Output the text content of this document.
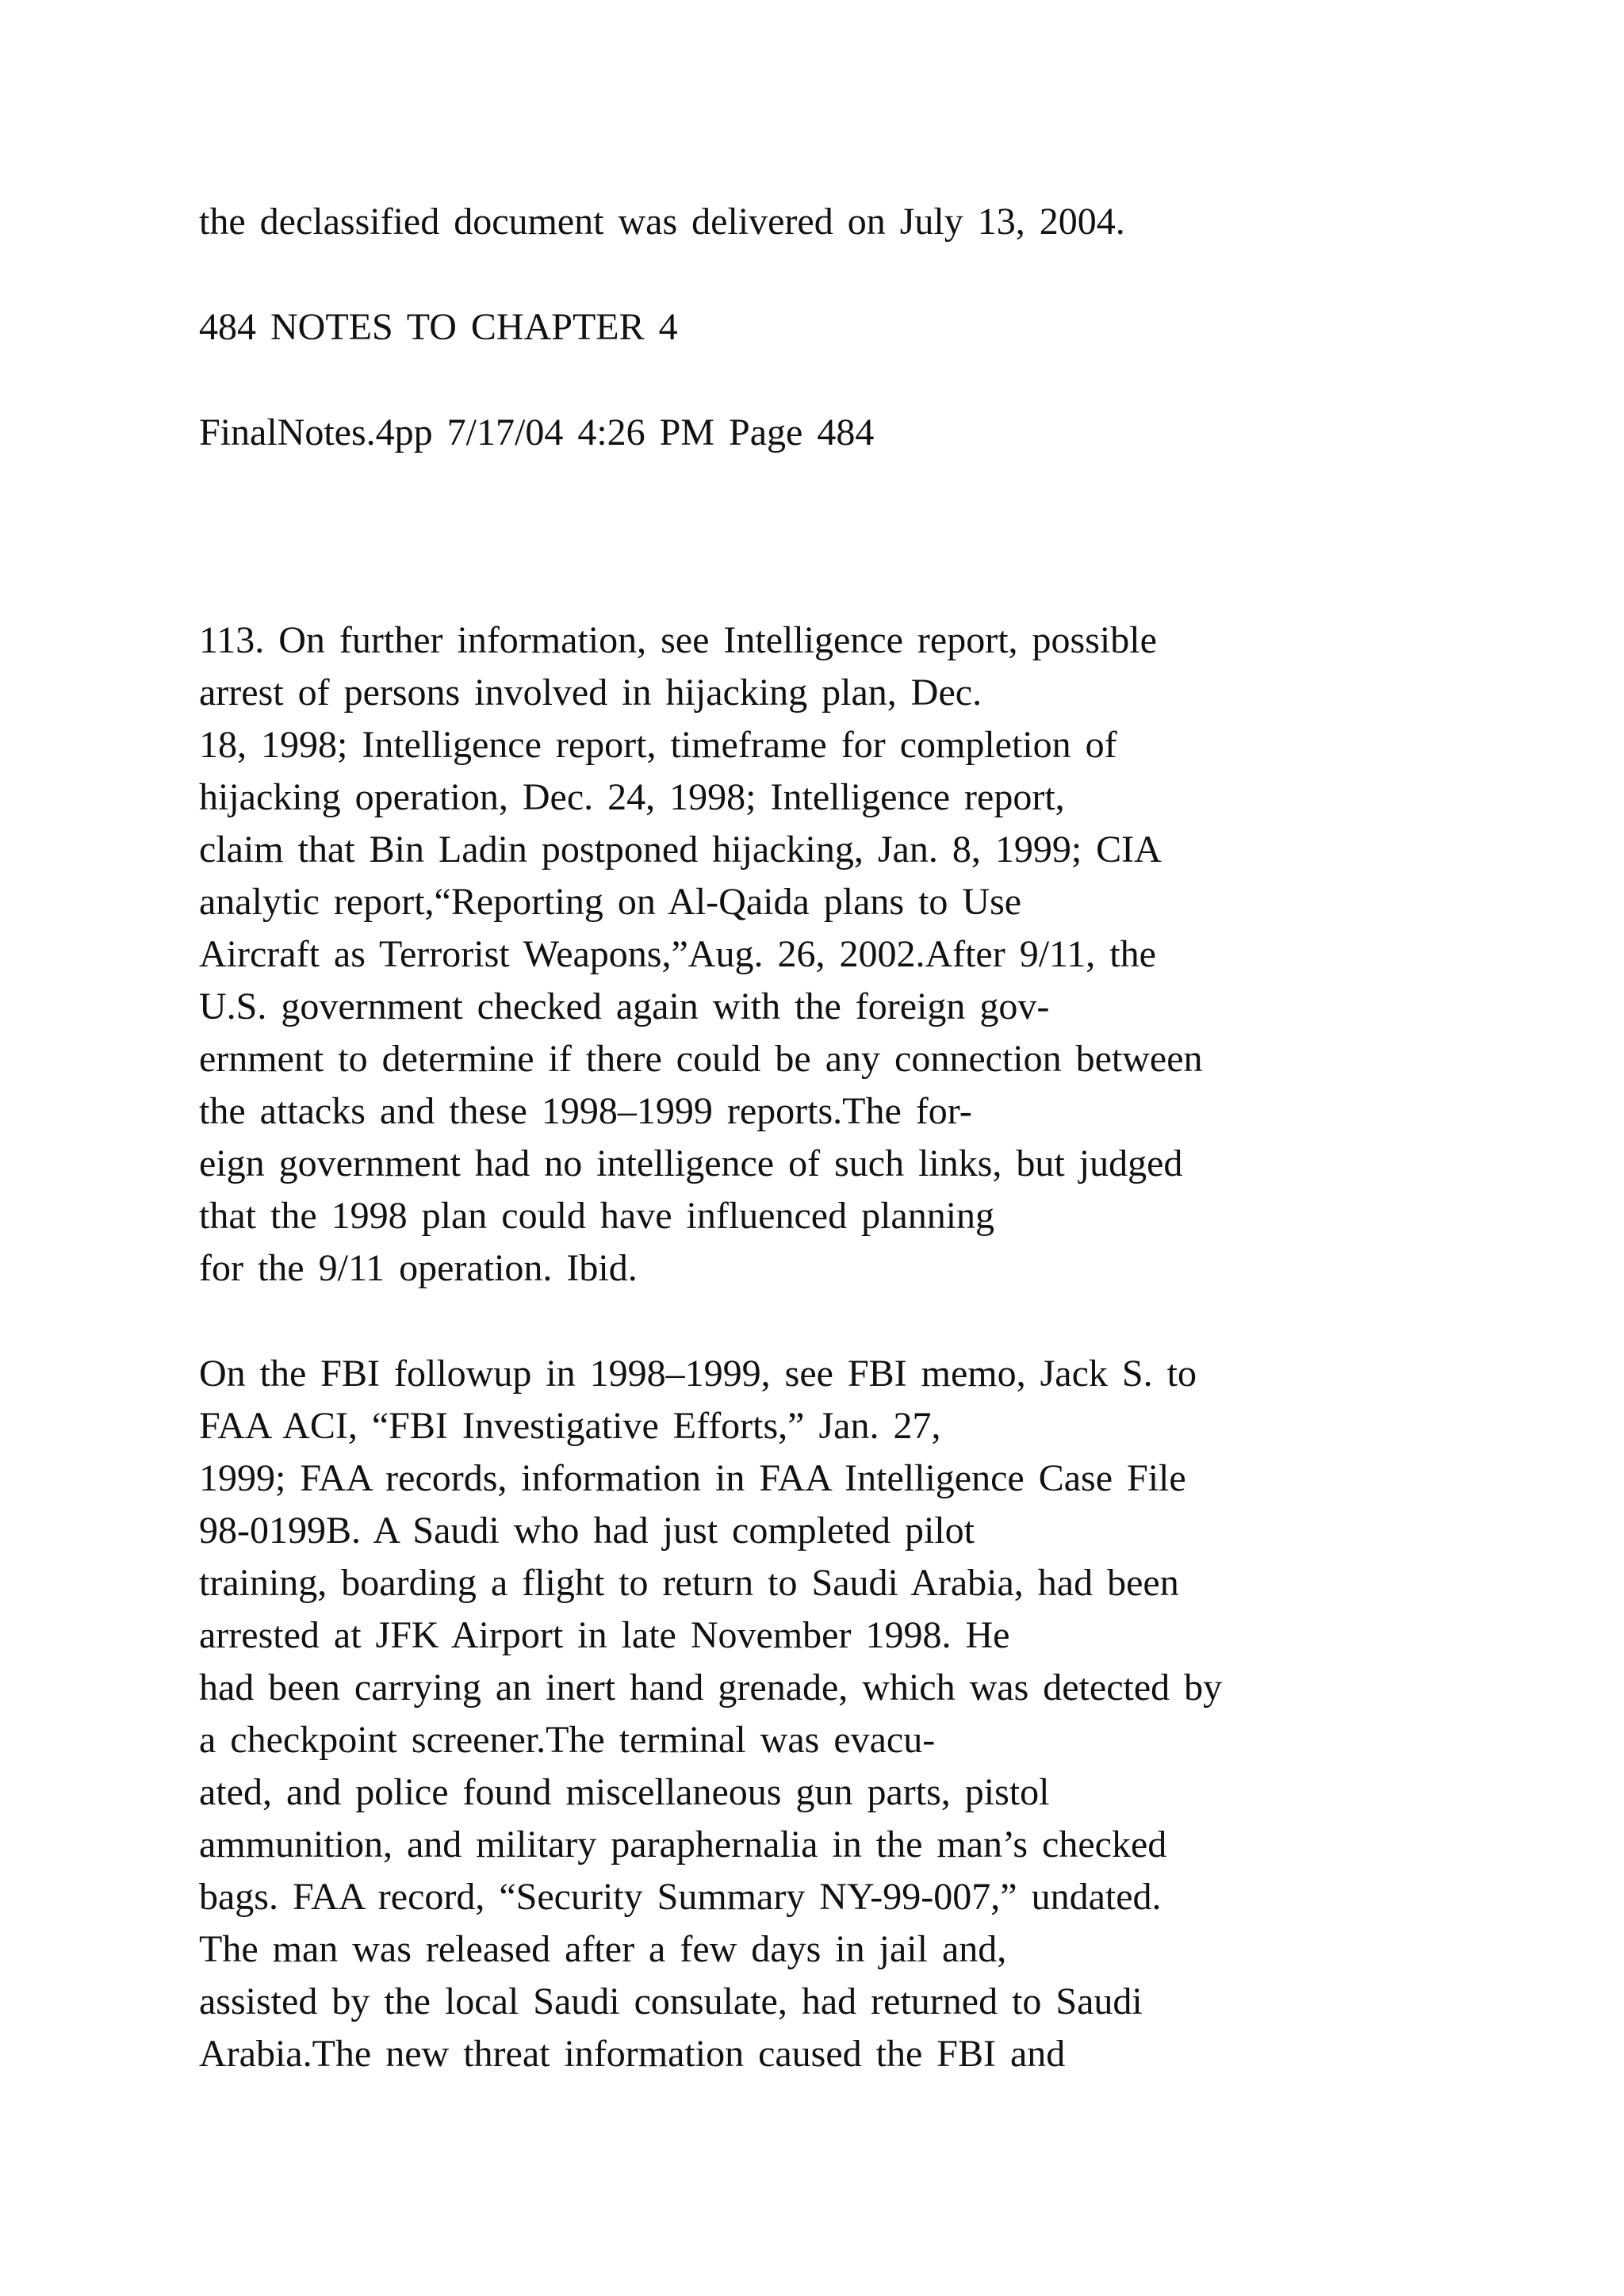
the declassified document was delivered on July 13, 2004.
484 NOTES TO CHAPTER 4
FinalNotes.4pp 7/17/04 4:26 PM Page 484
113. On further information, see Intelligence report, possible
arrest of persons involved in hijacking plan, Dec.
18, 1998; Intelligence report, timeframe for completion of
hijacking operation, Dec. 24, 1998; Intelligence report,
claim that Bin Ladin postponed hijacking, Jan. 8, 1999; CIA
analytic report,“Reporting on Al-Qaida plans to Use
Aircraft as Terrorist Weapons,”Aug. 26, 2002.After 9/11, the
U.S. government checked again with the foreign gov-
ernment to determine if there could be any connection between
the attacks and these 1998–1999 reports.The for-
eign government had no intelligence of such links, but judged
that the 1998 plan could have influenced planning
for the 9/11 operation. Ibid.
On the FBI followup in 1998–1999, see FBI memo, Jack S. to
FAA ACI, “FBI Investigative Efforts,” Jan. 27,
1999; FAA records, information in FAA Intelligence Case File
98-0199B. A Saudi who had just completed pilot
training, boarding a flight to return to Saudi Arabia, had been
arrested at JFK Airport in late November 1998. He
had been carrying an inert hand grenade, which was detected by
a checkpoint screener.The terminal was evacu-
ated, and police found miscellaneous gun parts, pistol
ammunition, and military paraphernalia in the man’s checked
bags. FAA record, “Security Summary NY-99-007,” undated.
The man was released after a few days in jail and,
assisted by the local Saudi consulate, had returned to Saudi
Arabia.The new threat information caused the FBI and
